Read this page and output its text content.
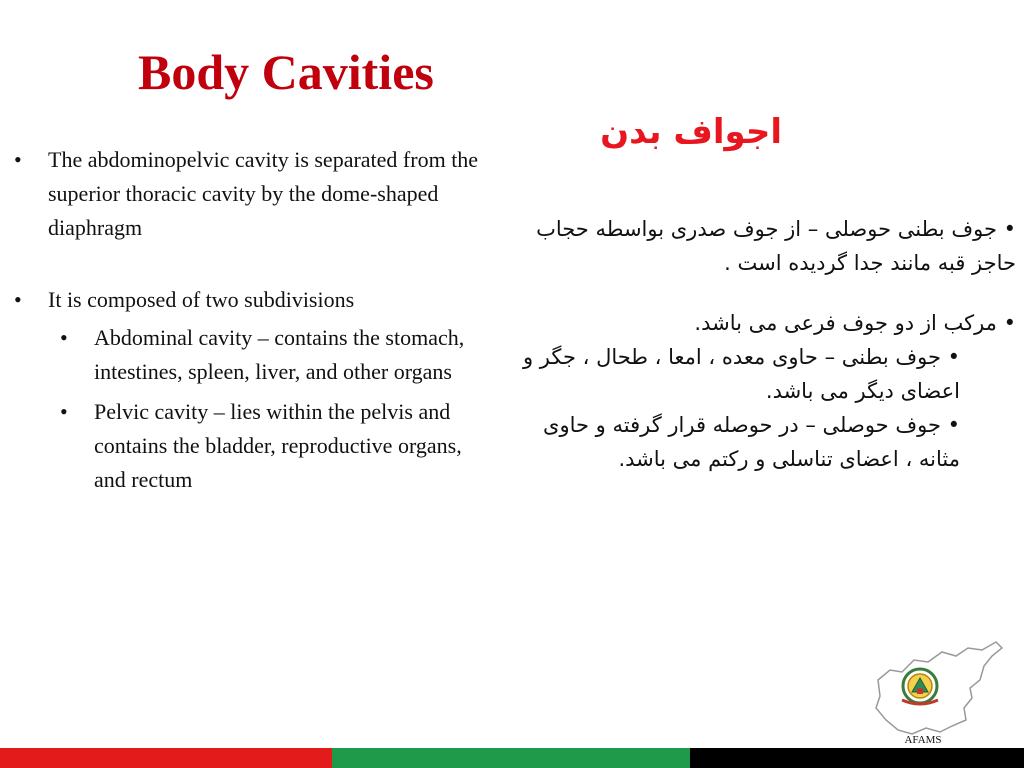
Body Cavities
اجواف بدن
• The abdominopelvic cavity is separated from the superior thoracic cavity by the dome-shaped diaphragm
• It is composed of two subdivisions
• Abdominal cavity – contains the stomach, intestines, spleen, liver, and other organs
• Pelvic cavity – lies within the pelvis and contains the bladder, reproductive organs, and rectum

• جوف بطنی حوصلی – از جوف صدری بواسطه حجاب حاجز قبه مانند جدا گردیده است .

• مرکب از دو جوف فرعی می باشد.

• جوف بطنی – حاوی معده ، امعا ، طحال ، جگر و اعضای دیگر می باشد.

• جوف حوصلی – در حوصله قرار گرفته و حاوی مثانه ، اعضای تناسلی و رکتم می باشد.

AFAMS
